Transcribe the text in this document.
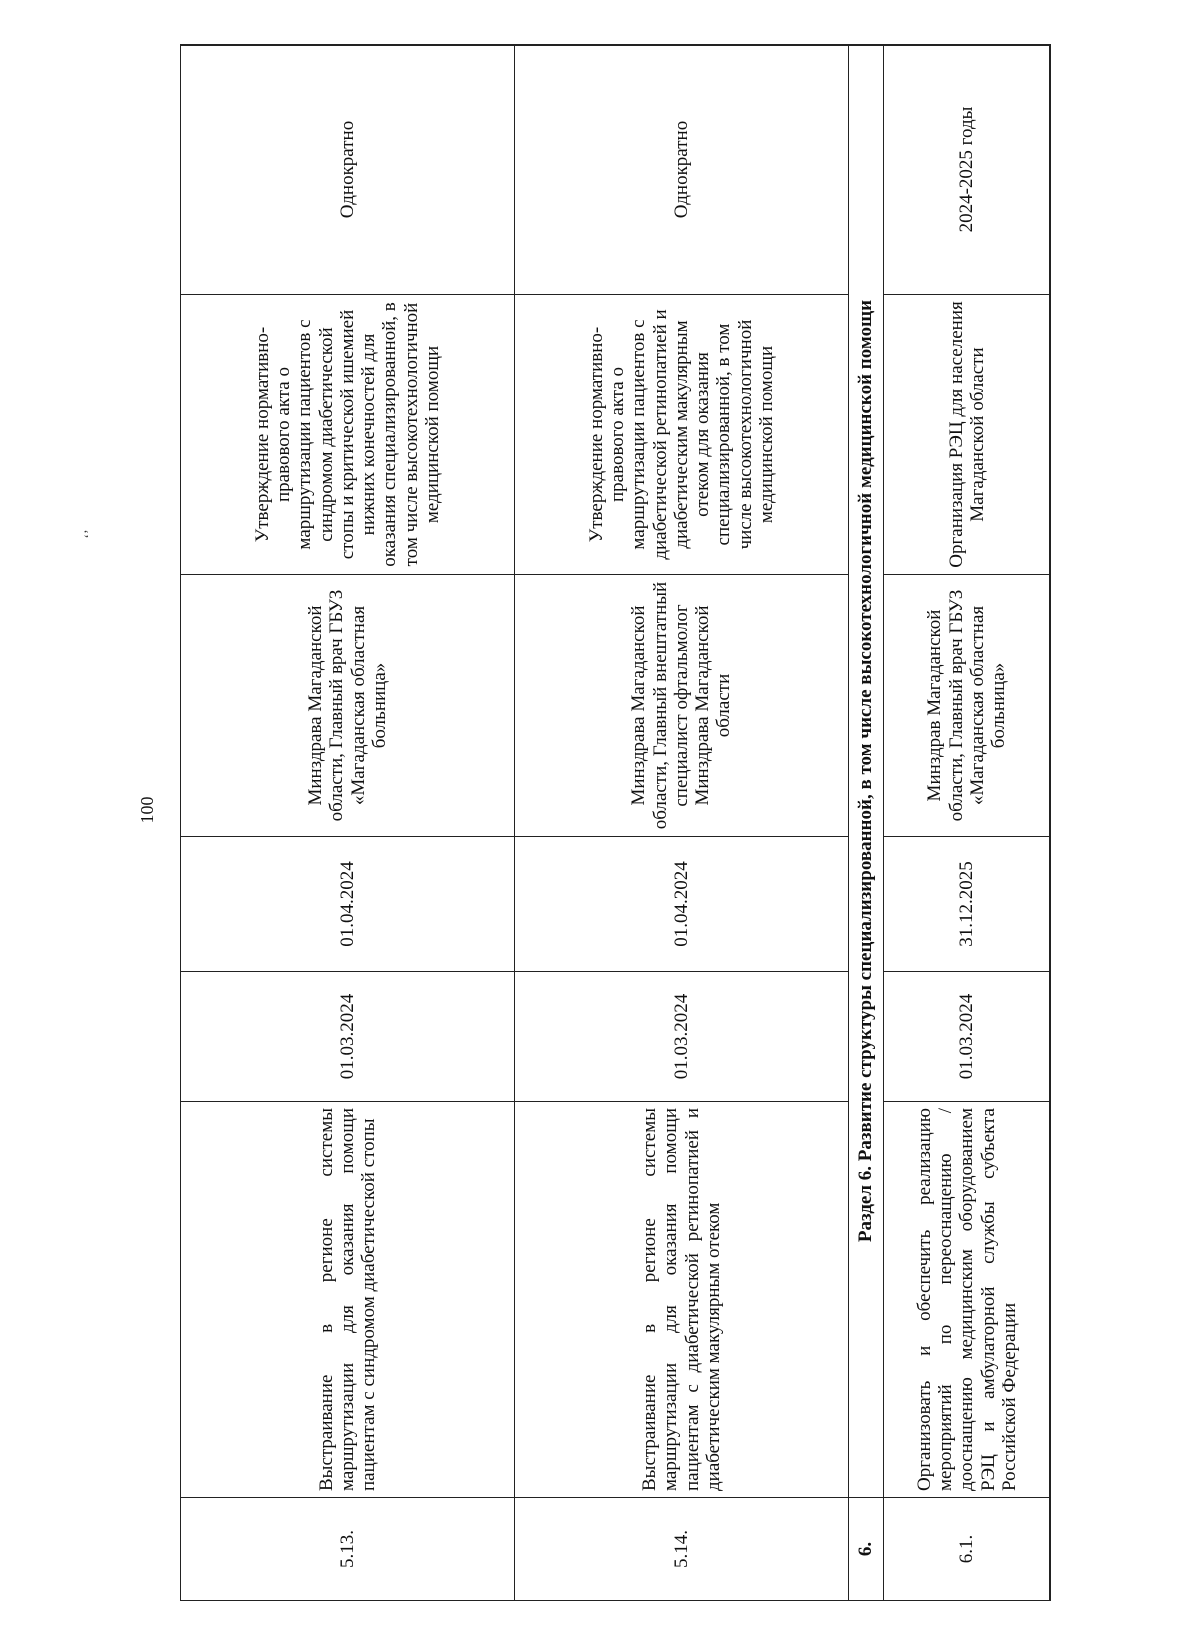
100
ʻʼ
5.13.	Выстраивание в регионе системы маршрутизации для оказания помощи пациентам с синдромом диабетической стопы	01.03.2024	01.04.2024	Минздрава Магаданской области, Главный врач ГБУЗ «Магаданская областная больница»	Утверждение нормативно-правового акта о маршрутизации пациентов с синдромом диабетической стопы и критической ишемией нижних конечностей для оказания специализированной, в том числе высокотехнологичной медицинской помощи	Однократно
5.14.	Выстраивание в регионе системы маршрутизации для оказания помощи пациентам с диабетической ретинопатией и диабетическим макулярным отеком	01.03.2024	01.04.2024	Минздрава Магаданской области, Главный внештатный специалист офтальмолог Минздрава Магаданской области	Утверждение нормативно-правового акта о маршрутизации пациентов с диабетической ретинопатией и диабетическим макулярным отеком для оказания специализированной, в том числе высокотехнологичной медицинской помощи	Однократно
6.	Раздел 6. Развитие структуры специализированной, в том числе высокотехнологичной медицинской помощи					
6.1.	Организовать и обеспечить реализацию мероприятий по переоснащению / дооснащению медицинским оборудованием РЭЦ и амбулаторной службы субъекта Российской Федерации	01.03.2024	31.12.2025	Минздрав Магаданской области, Главный врач ГБУЗ «Магаданская областная больница»	Организация РЭЦ для населения Магаданской области	2024-2025 годы
